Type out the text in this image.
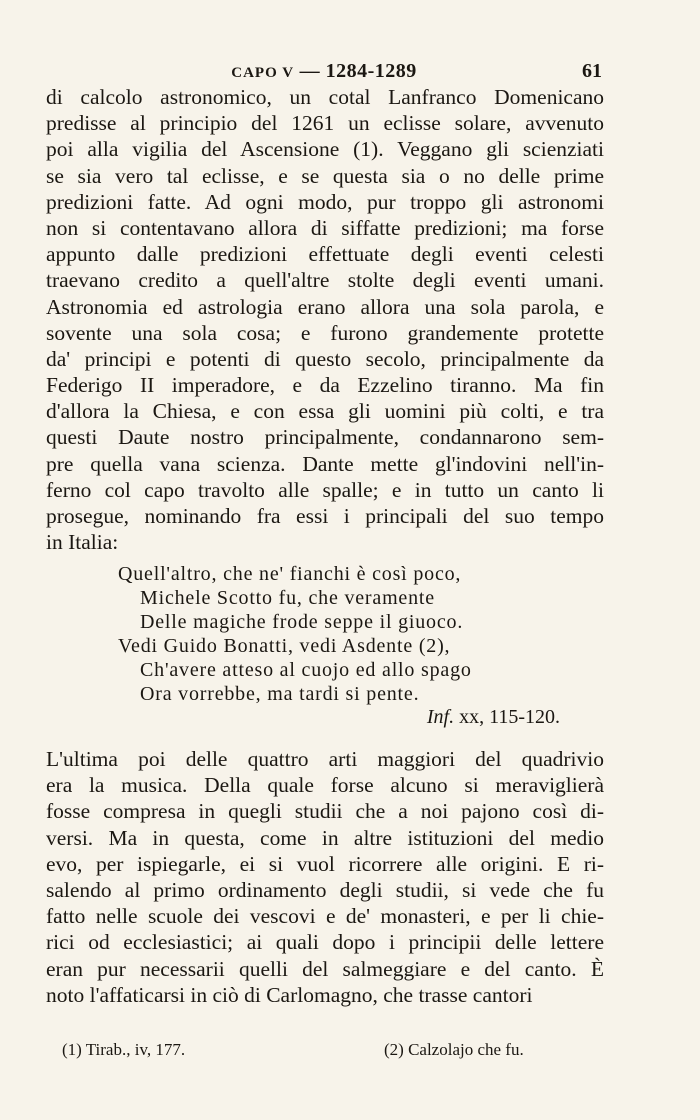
CAPO V — 1284-1289	61
di calcolo astronomico, un cotal Lanfranco Domenicano
predisse al principio del 1261 un eclisse solare, avvenuto
poi alla vigilia del Ascensione (1). Veggano gli scienziati
se sia vero tal eclisse, e se questa sia o no delle prime
predizioni fatte. Ad ogni modo, pur troppo gli astronomi
non si contentavano allora di siffatte predizioni; ma forse
appunto dalle predizioni effettuate degli eventi celesti
traevano credito a quell'altre stolte degli eventi umani.
Astronomia ed astrologia erano allora una sola parola, e
sovente una sola cosa; e furono grandemente protette
da' principi e potenti di questo secolo, principalmente da
Federigo II imperadore, e da Ezzelino tiranno. Ma fin
d'allora la Chiesa, e con essa gli uomini più colti, e tra
questi Daute nostro principalmente, condannarono sem-
pre quella vana scienza. Dante mette gl'indovini nell'in-
ferno col capo travolto alle spalle; e in tutto un canto li
prosegue, nominando fra essi i principali del suo tempo
in Italia:
Quell'altro, che ne' fianchi è così poco,
Michele Scotto fu, che veramente
Delle magiche frode seppe il giuoco.
Vedi Guido Bonatti, vedi Asdente (2),
Ch'avere atteso al cuojo ed allo spago
Ora vorrebbe, ma tardi si pente.
Inf. xx, 115-120.
L'ultima poi delle quattro arti maggiori del quadrivio
era la musica. Della quale forse alcuno si meraviglierà
fosse compresa in quegli studii che a noi pajono così di-
versi. Ma in questa, come in altre istituzioni del medio
evo, per ispiegarle, ei si vuol ricorrere alle origini. E ri-
salendo al primo ordinamento degli studii, si vede che fu
fatto nelle scuole dei vescovi e de' monasteri, e per li chie-
rici od ecclesiastici; ai quali dopo i principii delle lettere
eran pur necessarii quelli del salmeggiare e del canto. È
noto l'affaticarsi in ciò di Carlomagno, che trasse cantori
(1) Tirab., iv, 177.	(2) Calzolajo che fu.
